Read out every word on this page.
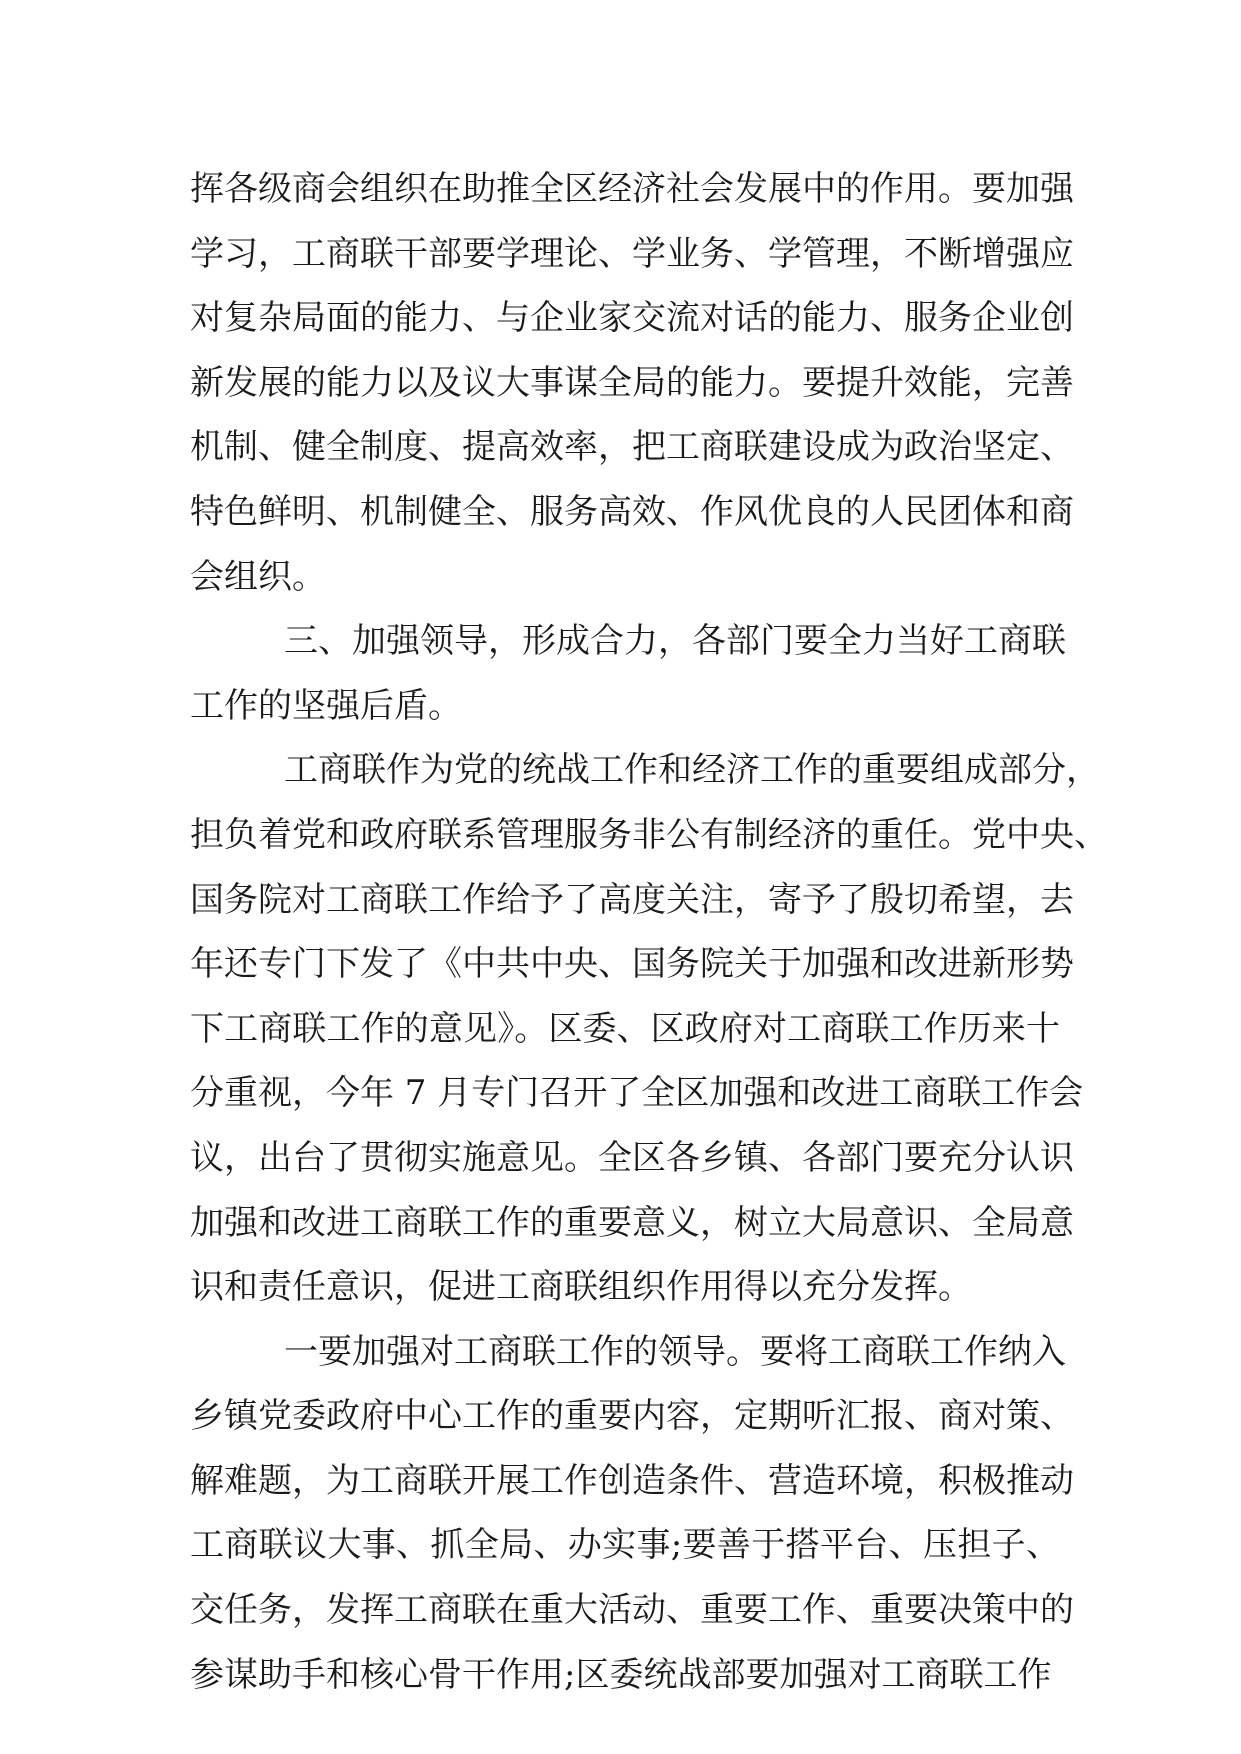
挥各级商会组织在助推全区经济社会发展中的作用。要加强
学习，工商联干部要学理论、学业务、学管理，不断增强应
对复杂局面的能力、与企业家交流对话的能力、服务企业创
新发展的能力以及议大事谋全局的能力。要提升效能，完善
机制、健全制度、提高效率，把工商联建设成为政治坚定、
特色鲜明、机制健全、服务高效、作风优良的人民团体和商
会组织。
三、加强领导，形成合力，各部门要全力当好工商联
工作的坚强后盾。
工商联作为党的统战工作和经济工作的重要组成部分，
担负着党和政府联系管理服务非公有制经济的重任。党中央、
国务院对工商联工作给予了高度关注，寄予了殷切希望，去
年还专门下发了《中共中央、国务院关于加强和改进新形势
下工商联工作的意见》。区委、区政府对工商联工作历来十
分重视，今年 7 月专门召开了全区加强和改进工商联工作会
议，出台了贯彻实施意见。全区各乡镇、各部门要充分认识
加强和改进工商联工作的重要意义，树立大局意识、全局意
识和责任意识，促进工商联组织作用得以充分发挥。
一要加强对工商联工作的领导。要将工商联工作纳入
乡镇党委政府中心工作的重要内容，定期听汇报、商对策、
解难题，为工商联开展工作创造条件、营造环境，积极推动
工商联议大事、抓全局、办实事;要善于搭平台、压担子、
交任务，发挥工商联在重大活动、重要工作、重要决策中的
参谋助手和核心骨干作用;区委统战部要加强对工商联工作
